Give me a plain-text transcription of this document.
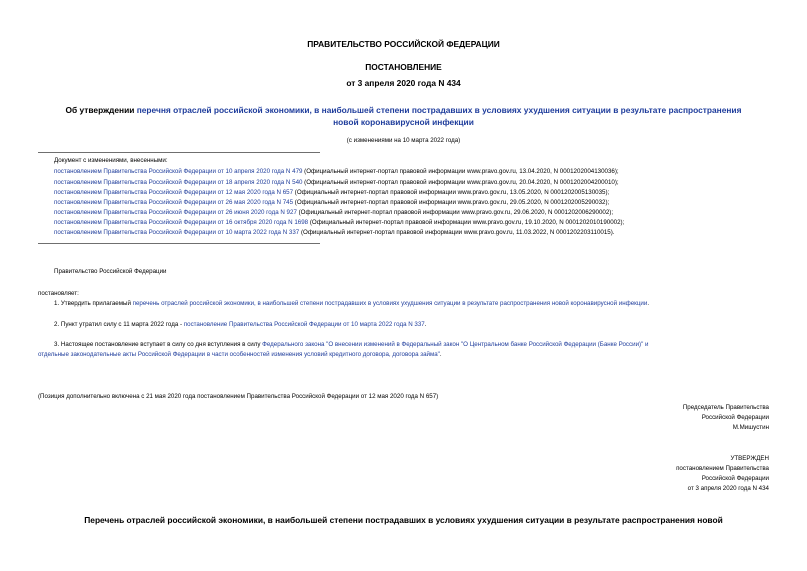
ПРАВИТЕЛЬСТВО РОССИЙСКОЙ ФЕДЕРАЦИИ
ПОСТАНОВЛЕНИЕ
от 3 апреля 2020 года N 434
Об утверждении перечня отраслей российской экономики, в наибольшей степени пострадавших в условиях ухудшения ситуации в результате распространения
новой коронавирусной инфекции
(с изменениями на 10 марта 2022 года)
Документ с изменениями, внесенными:
постановлением Правительства Российской Федерации от 10 апреля 2020 года N 479 (Официальный интернет-портал правовой информации www.pravo.gov.ru, 13.04.2020, N 0001202004130036);
постановлением Правительства Российской Федерации от 18 апреля 2020 года N 540 (Официальный интернет-портал правовой информации www.pravo.gov.ru, 20.04.2020, N 0001202004200010);
постановлением Правительства Российской Федерации от 12 мая 2020 года N 657 (Официальный интернет-портал правовой информации www.pravo.gov.ru, 13.05.2020, N 0001202005130035);
постановлением Правительства Российской Федерации от 26 мая 2020 года N 745 (Официальный интернет-портал правовой информации www.pravo.gov.ru, 29.05.2020, N 0001202005290032);
постановлением Правительства Российской Федерации от 26 июня 2020 года N 927 (Официальный интернет-портал правовой информации www.pravo.gov.ru, 29.06.2020, N 0001202006290002);
постановлением Правительства Российской Федерации от 16 октября 2020 года N 1698 (Официальный интернет-портал правовой информации www.pravo.gov.ru, 19.10.2020, N 0001202010190002);
постановлением Правительства Российской Федерации от 10 марта 2022 года N 337 (Официальный интернет-портал правовой информации www.pravo.gov.ru, 11.03.2022, N 0001202203110015).
Правительство Российской Федерации
постановляет:
1. Утвердить прилагаемый перечень отраслей российской экономики, в наибольшей степени пострадавших в условиях ухудшения ситуации в результате распространения новой коронавирусной инфекции.
2. Пункт утратил силу с 11 марта 2022 года - постановление Правительства Российской Федерации от 10 марта 2022 года N 337.
3. Настоящее постановление вступает в силу со дня вступления в силу Федерального закона "О внесении изменений в Федеральный закон "О Центральном банке Российской Федерации (Банке России)" и
отдельные законодательные акты Российской Федерации в части особенностей изменения условий кредитного договора, договора займа".
(Позиция дополнительно включена с 21 мая 2020 года постановлением Правительства Российской Федерации от 12 мая 2020 года N 657)
Председатель Правительства
Российской Федерации
М.Мишустин
УТВЕРЖДЕН
постановлением Правительства
Российской Федерации
от 3 апреля 2020 года N 434
Перечень отраслей российской экономики, в наибольшей степени пострадавших в условиях ухудшения ситуации в результате распространения новой
